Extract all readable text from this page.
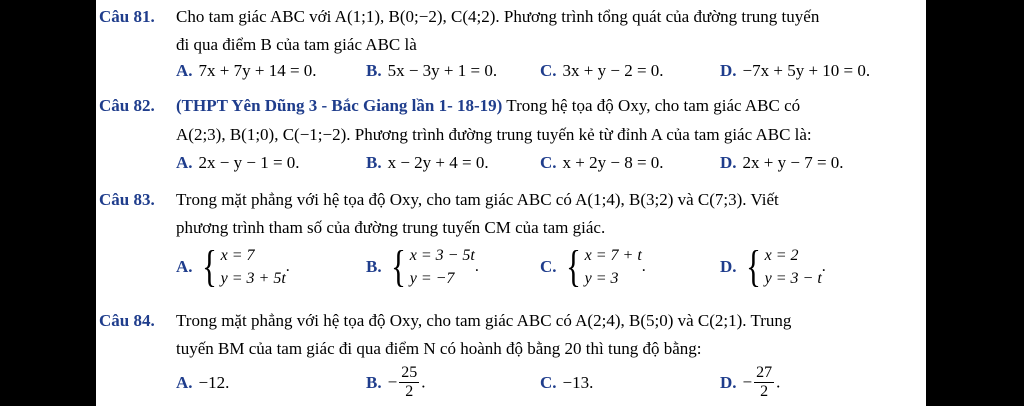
Câu 81. Cho tam giác ABC với A(1;1), B(0;−2), C(4;2). Phương trình tổng quát của đường trung tuyến
đi qua điểm B của tam giác ABC là
A. 7x + 7y + 14 = 0.	B. 5x − 3y + 1 = 0.	C. 3x + y − 2 = 0.	D. −7x + 5y + 10 = 0.
Câu 82. (THPT Yên Dũng 3 - Bắc Giang lần 1- 18-19) Trong hệ tọa độ Oxy, cho tam giác ABC có
A(2;3), B(1;0), C(−1;−2). Phương trình đường trung tuyến kẻ từ đỉnh A của tam giác ABC là:
A. 2x − y − 1 = 0.	B. x − 2y + 4 = 0.	C. x + 2y − 8 = 0.	D. 2x + y − 7 = 0.
Câu 83. Trong mặt phẳng với hệ tọa độ Oxy, cho tam giác ABC có A(1;4), B(3;2) và C(7;3). Viết
phương trình tham số của đường trung tuyến CM của tam giác.
A. { x = 7
y = 3 + 5t
.	B. { x = 3 − 5t
y = −7
.	C. { x = 7 + t
y = 3
.	D. { x = 2
y = 3 − t
.
Câu 84. Trong mặt phẳng với hệ tọa độ Oxy, cho tam giác ABC có A(2;4), B(5;0) và C(2;1). Trung
tuyến BM của tam giác đi qua điểm N có hoành độ bằng 20 thì tung độ bằng:
A. −12.	B. − $\frac{25}{2}$ .	C. −13.	D. − $\frac{27}{2}$ .
